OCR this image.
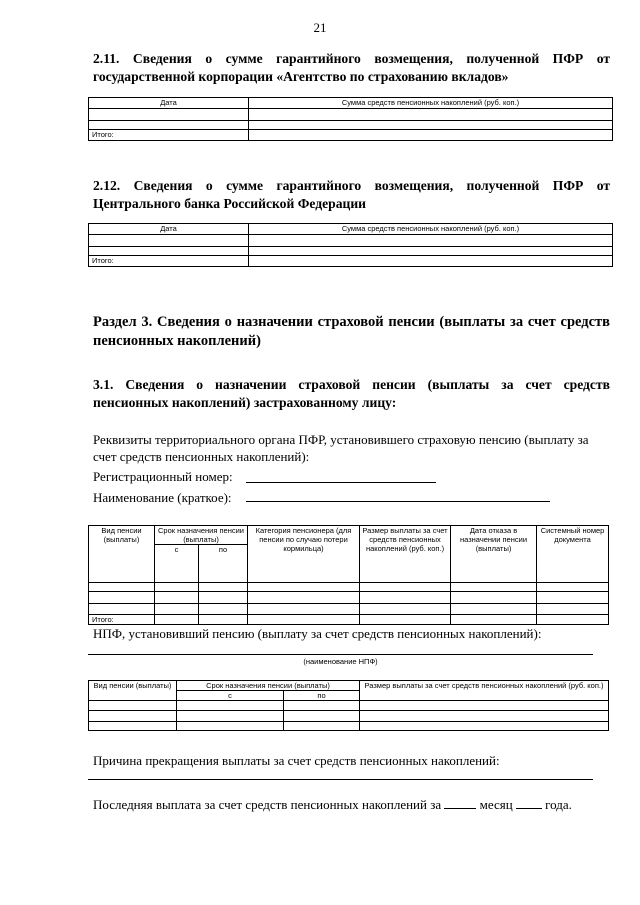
21
2.11. Сведения о сумме гарантийного возмещения, полученной ПФР от государственной корпорации «Агентство по страхованию вкладов»
Дата	Сумма средств пенсионных накоплений (руб. коп.)

Итого:	
2.12. Сведения о сумме гарантийного возмещения, полученной ПФР от Центрального банка Российской Федерации
Дата	Сумма средств пенсионных накоплений (руб. коп.)

Итого:	
Раздел 3. Сведения о назначении страховой пенсии (выплаты за счет средств пенсионных накоплений)
3.1. Сведения о назначении страховой пенсии (выплаты за счет средств пенсионных накоплений) застрахованному лицу:
Реквизиты территориального органа ПФР, установившего страховую пенсию (выплату за счет средств пенсионных накоплений):
Регистрационный номер:
Наименование (краткое):
Вид пенсии (выплаты)	Срок назначения пенсии (выплаты)		Категория пенсионера (для пенсии по случаю потери кормильца)	Размер выплаты за счет средств пенсионных накоплений (руб. коп.)	Дата отказа в назначении пенсии (выплаты)	Системный номер документа
	с	по				

Итого:						
НПФ, установивший пенсию (выплату за счет средств пенсионных накоплений):
(наименование НПФ)
Вид пенсии (выплаты)	Срок назначения пенсии (выплаты)		Размер выплаты за счет средств пенсионных накоплений (руб. коп.)
	с	по	

Причина прекращения выплаты за счет средств пенсионных накоплений:
Последняя выплата за счет средств пенсионных накоплений за	месяц	года.
